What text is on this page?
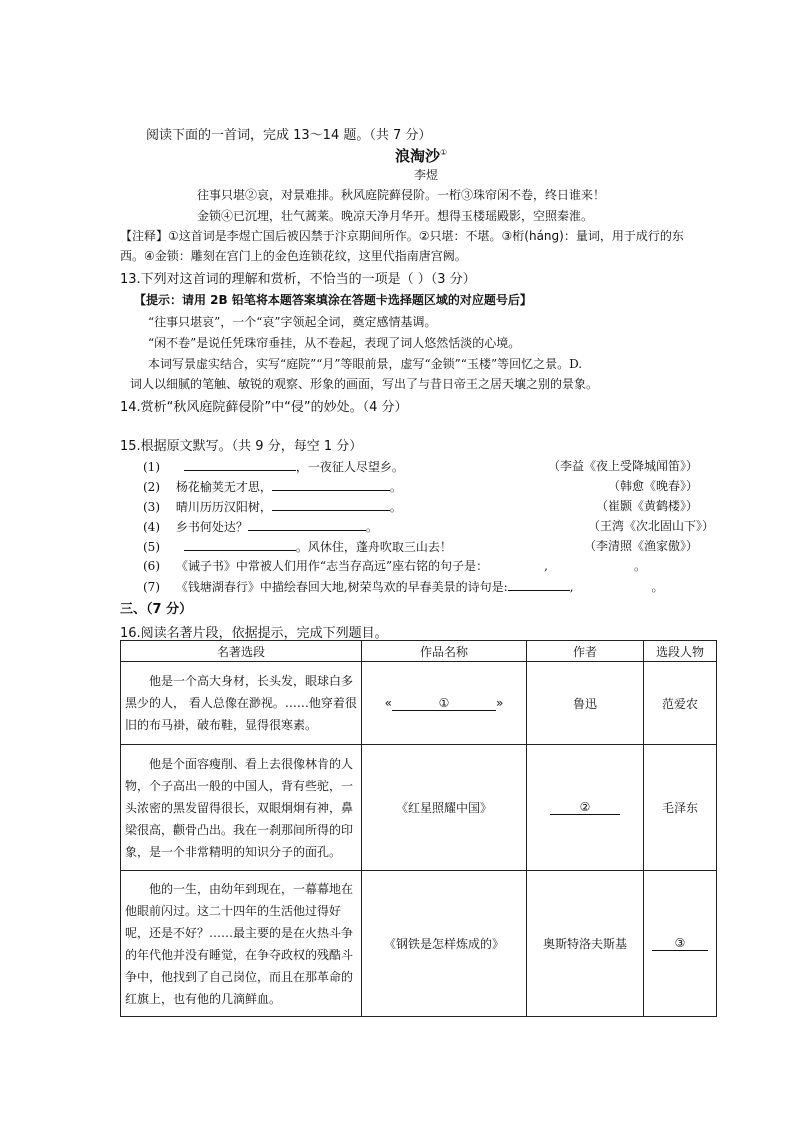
阅读下面的一首词，完成 13～14 题。（共 7 分）
浪淘沙①
李煜
往事只堪②哀，对景难排。秋风庭院藓侵阶。一桁③珠帘闲不卷，终日谁来！
金锁④已沉埋，壮气蒿莱。晚凉天净月华开。想得玉楼瑶殿影，空照秦淮。
【注释】①这首词是李煜亡国后被囚禁于汴京期间所作。②只堪：不堪。③桁(hánɡ)：量词，用于成行的东
西。④金锁：雕刻在宫门上的金色连锁花纹，这里代指南唐宫阙。
13.下列对这首词的理解和赏析，不恰当的一项是（ ）（3 分）
【提示：请用 2B 铅笔将本题答案填涂在答题卡选择题区域的对应题号后】
“往事只堪哀”，一个“哀”字领起全词，奠定感情基调。
“闲不卷”是说任凭珠帘垂挂，从不卷起，表现了词人悠然恬淡的心境。
本词写景虚实结合，实写“庭院”“月”等眼前景，虚写“金锁”“玉楼”等回忆之景。D.
词人以细腻的笔触、敏锐的观察、形象的画面，写出了与昔日帝王之居天壤之别的景象。
14.赏析“秋风庭院藓侵阶”中“侵”的妙处。（4 分）
15.根据原文默写。（共 9 分，每空 1 分）
(1)	，一夜征人尽望乡。	（李益《夜上受降城闻笛》）
(2) 杨花榆荚无才思，	。	（韩愈《晚春》）
(3) 晴川历历汉阳树，	。	（崔颢《黄鹤楼》）
(4) 乡书何处达？	。	（王湾《次北固山下》）
(5)	。风休住，蓬舟吹取三山去！	（李清照《渔家傲》）
(6) 《诫子书》中常被人们用作“志当存高远”座右铭的句子是：	,	。
(7) 《钱塘湖春行》中描绘春回大地,树荣鸟欢的早春美景的诗句是:	,	。
三、（7 分）
16.阅读名著片段，依据提示，完成下列题目。
名著选段	作品名称	作者	选段人物
他是一个高大身材，长头发，眼球白多黑少的人， 看人总像在渺视。……他穿着很旧的布马褂，破布鞋，显得很寒素。	« ① »	鲁迅	范爱农
他是个面容瘦削、看上去很像林肯的人物，个子高出一般的中国人，背有些驼，一头浓密的黑发留得很长，双眼炯炯有神，鼻梁很高，颧骨凸出。我在一刹那间所得的印象，是一个非常精明的知识分子的面孔。	《红星照耀中国》	②	毛泽东
他的一生，由幼年到现在，一幕幕地在他眼前闪过。这二十四年的生活他过得好呢，还是不好？……最主要的是在火热斗争的年代他并没有睡觉，在争夺政权的残酷斗争中，他找到了自己岗位，而且在那革命的红旗上，也有他的几滴鲜血。	《钢铁是怎样炼成的》	奥斯特洛夫斯基	③
